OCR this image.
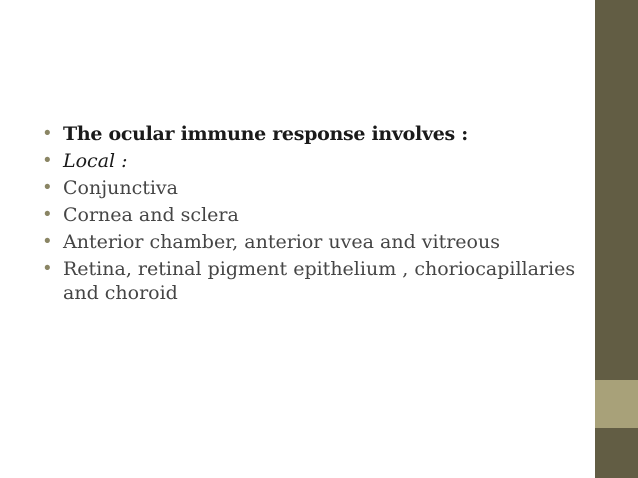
• The ocular immune response involves :
• Local :
• Conjunctiva
• Cornea and sclera
• Anterior chamber, anterior uvea and vitreous
• Retina, retinal pigment epithelium , choriocapillaries and choroid
